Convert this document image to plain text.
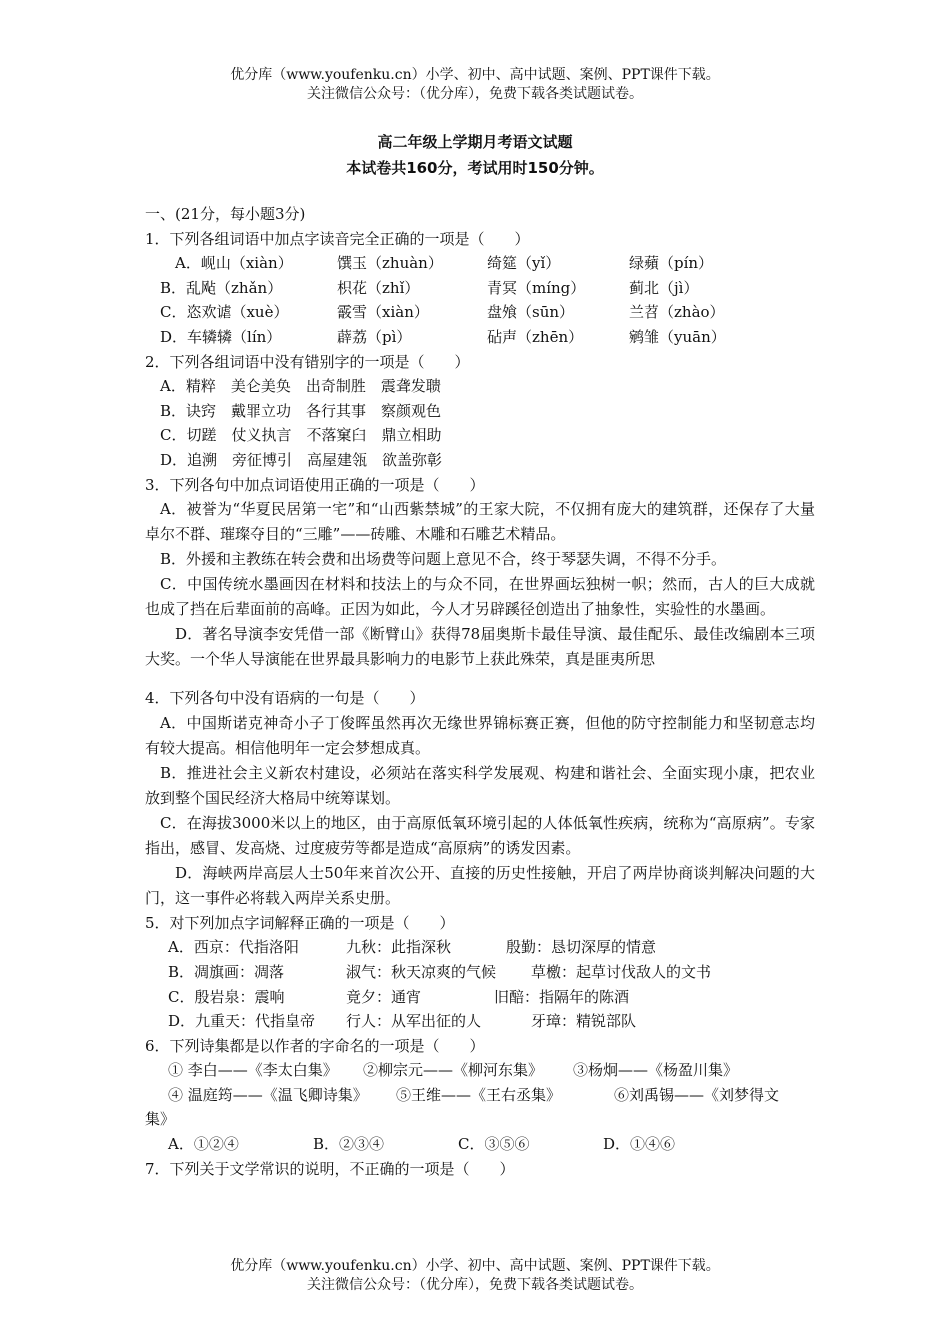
优分库（www.youfenku.cn）小学、初中、高中试题、案例、PPT课件下载。
关注微信公众号：（优分库），免费下载各类试题试卷。
高二年级上学期月考语文试题
本试卷共160分，考试用时150分钟。
一、(21分，每小题3分)
1．下列各组词语中加点字读音完全正确的一项是（　　）
A．岘山（xiàn）	馔玉（zhuàn）	绮筵（yǐ）	绿蘋（pín）
B．乱飐（zhǎn）	枳花（zhǐ）	青冥（míng）	蓟北（jì）
C．恣欢谑（xuè）	霰雪（xiàn）	盘飧（sūn）	兰苕（zhào）
D．车辚辚（lín）	薜荔（pì）	砧声（zhēn）	鹓雏（yuān）
2．下列各组词语中没有错别字的一项是（　　）
A．精粹　美仑美奂　出奇制胜　震聋发聩
B．诀窍　戴罪立功　各行其事　察颜观色
C．切蹉　仗义执言　不落窠臼　鼎立相助
D．追溯　旁征博引　高屋建瓴　欲盖弥彰
3．下列各句中加点词语使用正确的一项是（　　）
A．被誉为“华夏民居第一宅”和“山西紫禁城”的王家大院，不仅拥有庞大的建筑群，还保存了大量卓尔不群、璀璨夺目的“三雕”——砖雕、木雕和石雕艺术精品。
B．外援和主教练在转会费和出场费等问题上意见不合，终于琴瑟失调，不得不分手。
C．中国传统水墨画因在材料和技法上的与众不同，在世界画坛独树一帜；然而，古人的巨大成就也成了挡在后辈面前的高峰。正因为如此，今人才另辟蹊径创造出了抽象性，实验性的水墨画。
D．著名导演李安凭借一部《断臂山》获得78届奥斯卡最佳导演、最佳配乐、最佳改编剧本三项大奖。一个华人导演能在世界最具影响力的电影节上获此殊荣，真是匪夷所思
4．下列各句中没有语病的一句是（　　）
A．中国斯诺克神奇小子丁俊晖虽然再次无缘世界锦标赛正赛，但他的防守控制能力和坚韧意志均有较大提高。相信他明年一定会梦想成真。
B．推进社会主义新农村建设，必须站在落实科学发展观、构建和谐社会、全面实现小康，把农业放到整个国民经济大格局中统筹谋划。
C．在海拔3000米以上的地区，由于高原低氧环境引起的人体低氧性疾病，统称为“高原病”。专家指出，感冒、发高烧、过度疲劳等都是造成“高原病”的诱发因素。
D．海峡两岸高层人士50年来首次公开、直接的历史性接触，开启了两岸协商谈判解决问题的大门，这一事件必将载入两岸关系史册。
5．对下列加点字词解释正确的一项是（　　）
A．西京：代指洛阳	九秋：此指深秋	殷勤：恳切深厚的情意
B．凋旗画：凋落	淑气：秋天凉爽的气候	草檄：起草讨伐敌人的文书
C．殷岩泉：震响	竟夕：通宵	旧醅：指隔年的陈酒
D．九重天：代指皇帝	行人：从军出征的人	牙璋：精锐部队
6．下列诗集都是以作者的字命名的一项是（　　）
① 李白——《李太白集》	②柳宗元——《柳河东集》	③杨炯——《杨盈川集》
④ 温庭筠——《温飞卿诗集》	⑤王维——《王右丞集》	⑥刘禹锡——《刘梦得文
集》
A．①②④	B．②③④	C．③⑤⑥	D．①④⑥
7．下列关于文学常识的说明，不正确的一项是（　　）
优分库（www.youfenku.cn）小学、初中、高中试题、案例、PPT课件下载。
关注微信公众号：（优分库），免费下载各类试题试卷。
